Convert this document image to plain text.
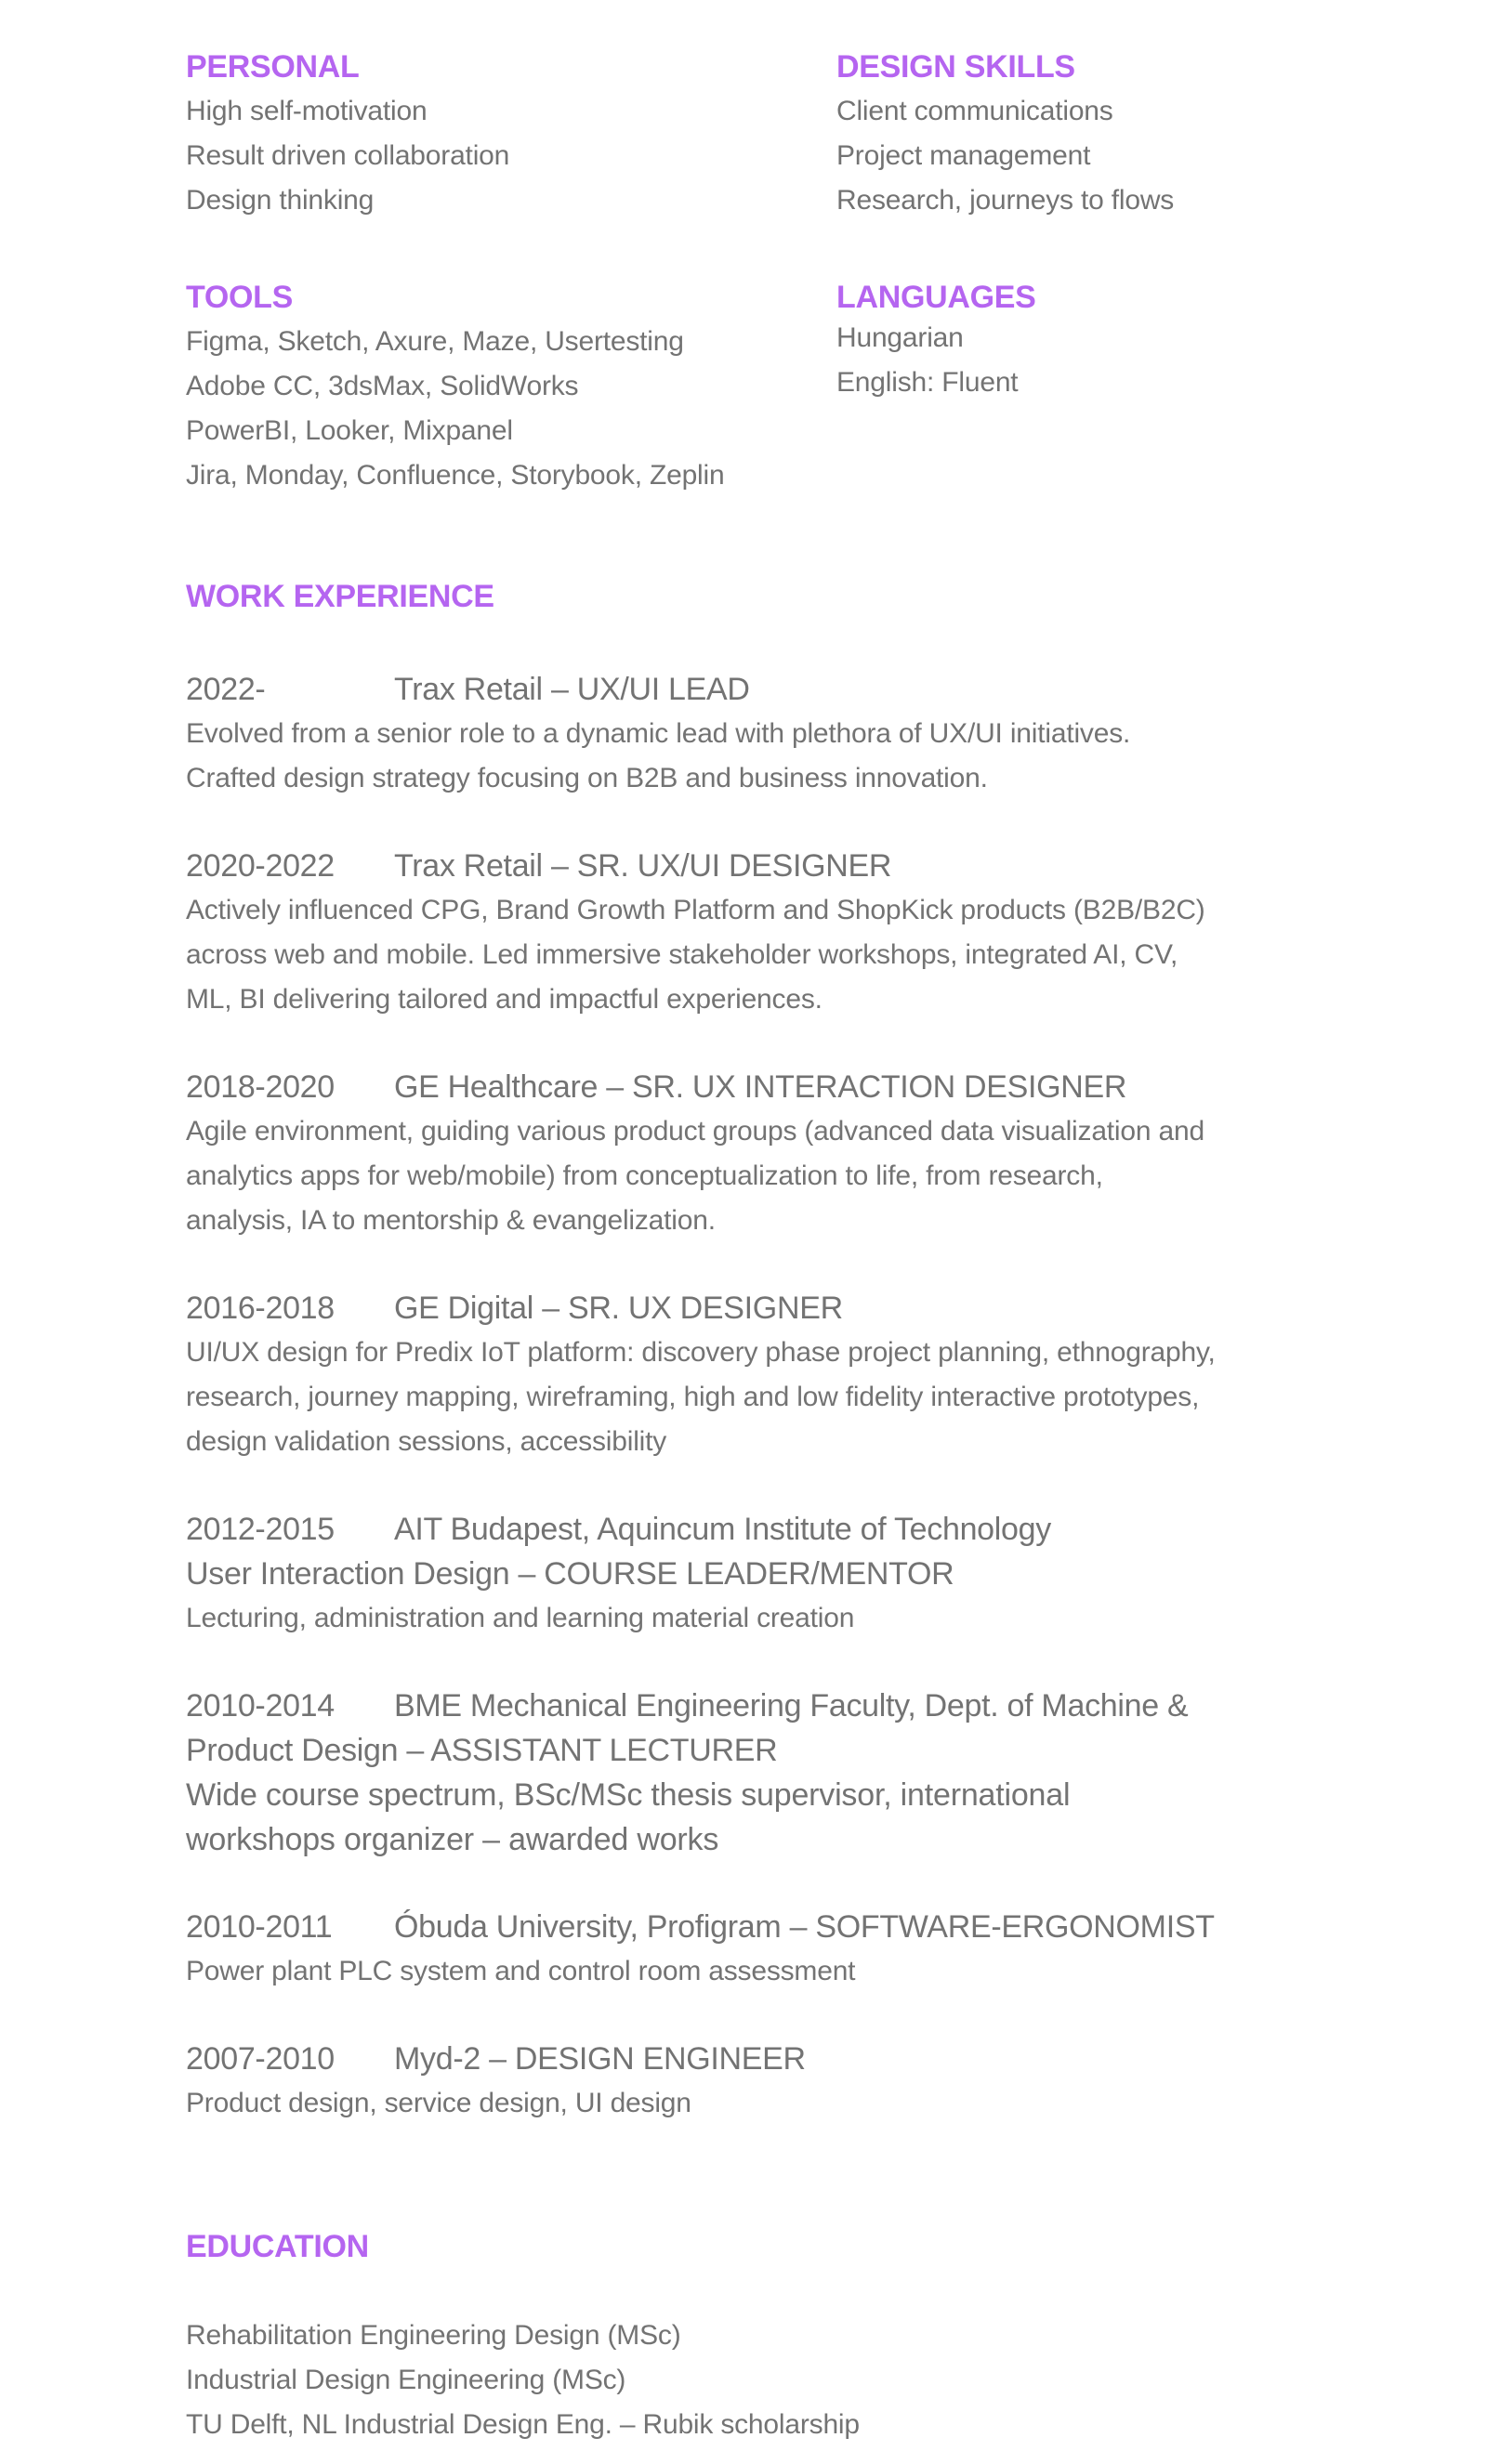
PERSONAL
High self-motivation
Result driven collaboration
Design thinking
DESIGN SKILLS
Client communications
Project management
Research, journeys to flows
TOOLS
Figma, Sketch, Axure, Maze, Usertesting
Adobe CC, 3dsMax, SolidWorks
PowerBI, Looker, Mixpanel
Jira, Monday, Confluence, Storybook, Zeplin
LANGUAGES
Hungarian
English: Fluent
WORK EXPERIENCE
2022-	Trax Retail – UX/UI LEAD
Evolved from a senior role to a dynamic lead with plethora of UX/UI initiatives.
Crafted design strategy focusing on B2B and business innovation.
2020-2022 Trax Retail – SR. UX/UI DESIGNER
Actively influenced CPG, Brand Growth Platform and ShopKick products (B2B/B2C)
across web and mobile. Led immersive stakeholder workshops, integrated AI, CV,
ML, BI delivering tailored and impactful experiences.
2018-2020 GE Healthcare – SR. UX INTERACTION DESIGNER
Agile environment, guiding various product groups (advanced data visualization and
analytics apps for web/mobile) from conceptualization to life, from research,
analysis, IA to mentorship & evangelization.
2016-2018 GE Digital – SR. UX DESIGNER
UI/UX design for Predix IoT platform: discovery phase project planning, ethnography,
research, journey mapping, wireframing, high and low fidelity interactive prototypes,
design validation sessions, accessibility
2012-2015 AIT Budapest, Aquincum Institute of Technology
User Interaction Design – COURSE LEADER/MENTOR
Lecturing, administration and learning material creation
2010-2014 BME Mechanical Engineering Faculty, Dept. of Machine &
Product Design – ASSISTANT LECTURER
Wide course spectrum, BSc/MSc thesis supervisor, international
workshops organizer – awarded works
2010-2011 Óbuda University, Profigram – SOFTWARE-ERGONOMIST
Power plant PLC system and control room assessment
2007-2010 Myd-2 – DESIGN ENGINEER
Product design, service design, UI design
EDUCATION
Rehabilitation Engineering Design (MSc)
Industrial Design Engineering (MSc)
TU Delft, NL Industrial Design Eng. – Rubik scholarship
